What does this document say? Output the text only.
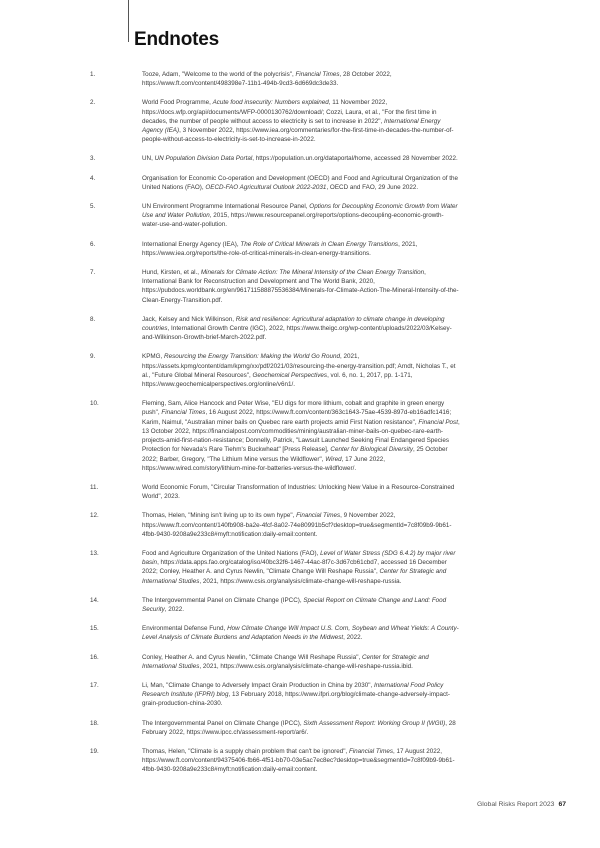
Endnotes
1.	Tooze, Adam, "Welcome to the world of the polycrisis", Financial Times, 28 October 2022, https://www.ft.com/content/498398e7-11b1-494b-9cd3-6d669dc3de33.
2.	World Food Programme, Acute food insecurity: Numbers explained, 11 November 2022, https://docs.wfp.org/api/documents/WFP-0000130762/download/; Cozzi, Laura, et al., "For the first time in decades, the number of people without access to electricity is set to increase in 2022", International Energy Agency (IEA), 3 November 2022, https://www.iea.org/commentaries/for-the-first-time-in-decades-the-number-of-people-without-access-to-electricity-is-set-to-increase-in-2022.
3.	UN, UN Population Division Data Portal, https://population.un.org/dataportal/home, accessed 28 November 2022.
4.	Organisation for Economic Co-operation and Development (OECD) and Food and Agricultural Organization of the United Nations (FAO), OECD-FAO Agricultural Outlook 2022-2031, OECD and FAO, 29 June 2022.
5.	UN Environment Programme International Resource Panel, Options for Decoupling Economic Growth from Water Use and Water Pollution, 2015, https://www.resourcepanel.org/reports/options-decoupling-economic-growth-water-use-and-water-pollution.
6.	International Energy Agency (IEA), The Role of Critical Minerals in Clean Energy Transitions, 2021, https://www.iea.org/reports/the-role-of-critical-minerals-in-clean-energy-transitions.
7.	Hund, Kirsten, et al., Minerals for Climate Action: The Mineral Intensity of the Clean Energy Transition, International Bank for Reconstruction and Development and The World Bank, 2020, https://pubdocs.worldbank.org/en/961711588875536384/Minerals-for-Climate-Action-The-Mineral-Intensity-of-the-Clean-Energy-Transition.pdf.
8.	Jack, Kelsey and Nick Wilkinson, Risk and resilience: Agricultural adaptation to climate change in developing countries, International Growth Centre (IGC), 2022, https://www.theigc.org/wp-content/uploads/2022/03/Kelsey-and-Wilkinson-Growth-brief-March-2022.pdf.
9.	KPMG, Resourcing the Energy Transition: Making the World Go Round, 2021, https://assets.kpmg/content/dam/kpmg/xx/pdf/2021/03/resourcing-the-energy-transition.pdf; Arndt, Nicholas T., et al., "Future Global Mineral Resources", Geochemical Perspectives, vol. 6, no. 1, 2017, pp. 1-171, https://www.geochemicalperspectives.org/online/v6n1/.
10.	Fleming, Sam, Alice Hancock and Peter Wise, "EU digs for more lithium, cobalt and graphite in green energy push", Financial Times, 16 August 2022, https://www.ft.com/content/363c1643-75ae-4539-897d-eb16adfc1416; Karim, Naimul, "Australian miner bails on Quebec rare earth projects amid First Nation resistance", Financial Post, 13 October 2022, https://financialpost.com/commodities/mining/australian-miner-bails-on-quebec-rare-earth-projects-amid-first-nation-resistance; Donnelly, Patrick, "Lawsuit Launched Seeking Final Endangered Species Protection for Nevada's Rare Tiehm's Buckwheat" [Press Release], Center for Biological Diversity, 25 October 2022; Barber, Gregory, "The Lithium Mine versus the Wildflower", Wired, 17 June 2022, https://www.wired.com/story/lithium-mine-for-batteries-versus-the-wildflower/.
11.	World Economic Forum, "Circular Transformation of Industries: Unlocking New Value in a Resource-Constrained World", 2023.
12.	Thomas, Helen, "Mining isn't living up to its own hype", Financial Times, 9 November 2022, https://www.ft.com/content/140fb908-ba2e-4fcf-8a02-74e80991b5cf?desktop=true&segmentId=7c8f09b9-9b61-4fbb-9430-9208a9e233c8#myft:notification:daily-email:content.
13.	Food and Agriculture Organization of the United Nations (FAO), Level of Water Stress (SDG 6.4.2) by major river basin, https://data.apps.fao.org/catalog/iso/40bc32f6-1467-44ac-8f7c-3d67cb61cbd7, accessed 16 December 2022; Conley, Heather A. and Cyrus Newlin, "Climate Change Will Reshape Russia", Center for Strategic and International Studies, 2021, https://www.csis.org/analysis/climate-change-will-reshape-russia.
14.	The Intergovernmental Panel on Climate Change (IPCC), Special Report on Climate Change and Land: Food Security, 2022.
15.	Environmental Defense Fund, How Climate Change Will Impact U.S. Corn, Soybean and Wheat Yields: A County-Level Analysis of Climate Burdens and Adaptation Needs in the Midwest, 2022.
16.	Conley, Heather A. and Cyrus Newlin, "Climate Change Will Reshape Russia", Center for Strategic and International Studies, 2021, https://www.csis.org/analysis/climate-change-will-reshape-russia.ibid.
17.	Li, Man, "Climate Change to Adversely Impact Grain Production in China by 2030", International Food Policy Research Institute (IFPRI) blog, 13 February 2018, https://www.ifpri.org/blog/climate-change-adversely-impact-grain-production-china-2030.
18.	The Intergovernmental Panel on Climate Change (IPCC), Sixth Assessment Report: Working Group II (WGII), 28 February 2022, https://www.ipcc.ch/assessment-report/ar6/.
19.	Thomas, Helen, "Climate is a supply chain problem that can't be ignored", Financial Times, 17 August 2022, https://www.ft.com/content/94375406-fb66-4f51-bb70-03e5ac7ec8ec?desktop=true&segmentId=7c8f09b9-9b61-4fbb-9430-9208a9e233c8#myft:notification:daily-email:content.
Global Risks Report 2023 67
